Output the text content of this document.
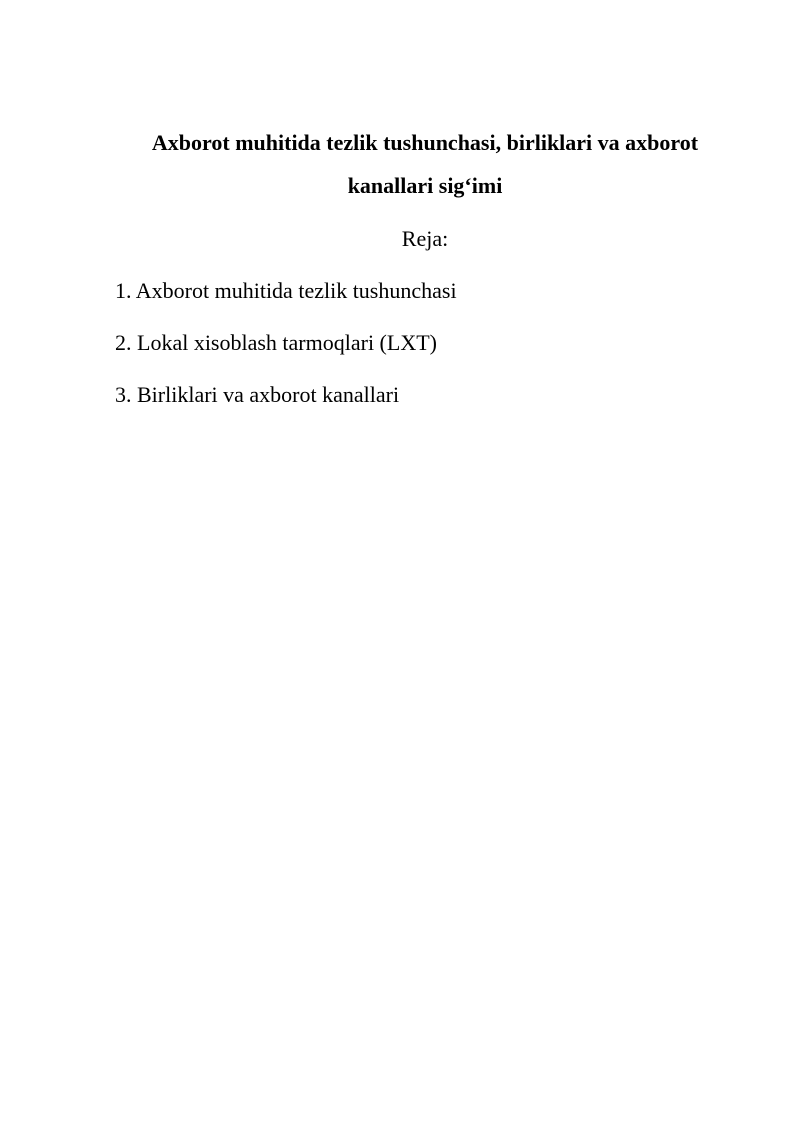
Axborot muhitida tezlik tushunchasi, birliklari va axborot
kanallari sig‘imi
Reja:
1. Axborot muhitida tezlik tushunchasi
2. Lokal xisoblash tarmoqlari (LXT)
3. Birliklari va axborot kanallari
